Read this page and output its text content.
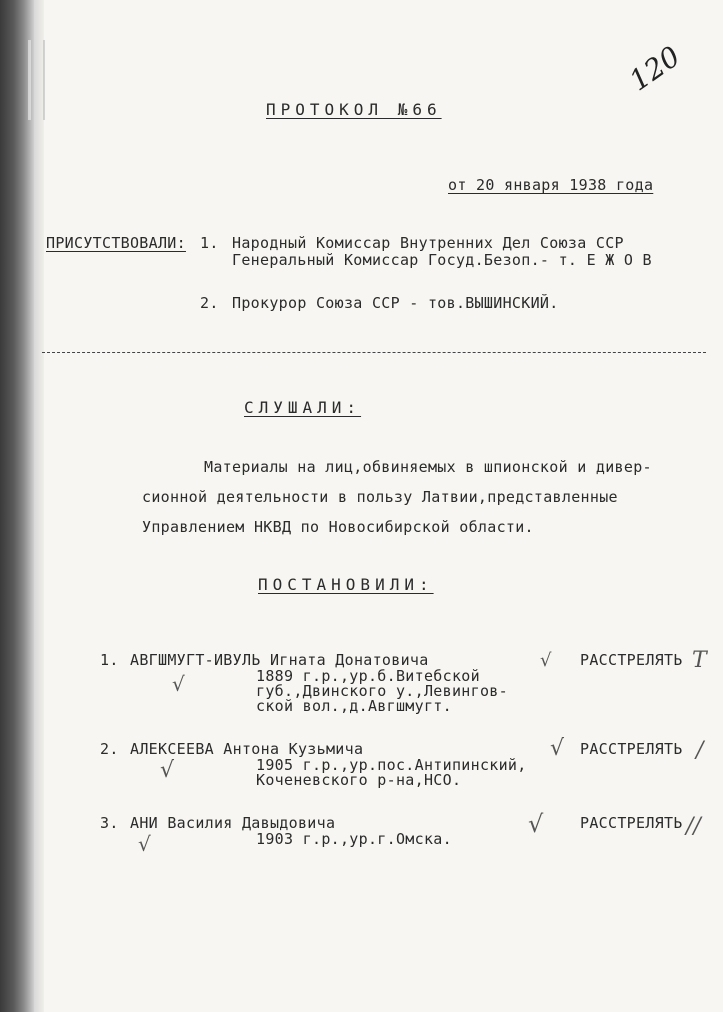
120
ПРОТОКОЛ №66
от 20 января 1938 года
ПРИСУТСТВОВАЛИ: 1. Народный Комиссар Внутренних Дел Союза ССР
Генеральный Комиссар Госуд.Безоп.- т. Е Ж О В
2. Прокурор Союза ССР - тов.ВЫШИНСКИЙ.
СЛУШАЛИ:
Материалы на лиц,обвиняемых в шпионской и дивер-
сионной деятельности в пользу Латвии,представленные
Управлением НКВД по Новосибирской области.
ПОСТАНОВИЛИ:
1. АВГШМУГТ-ИВУЛЬ Игната Донатовича
1889 г.р.,ур.б.Витебской
губ.,Двинского у.,Левингов-
ской вол.,д.Авгшмугт.
РАССТРЕЛЯТЬ
√
√
Т
2. АЛЕКСЕЕВА Антона Кузьмича
1905 г.р.,ур.пос.Антипинский,
Коченевского р-на,НСО.
РАССТРЕЛЯТЬ
√
√
/
3. АНИ Василия Давыдовича
1903 г.р.,ур.г.Омска.
РАССТРЕЛЯТЬ
√
√
//
